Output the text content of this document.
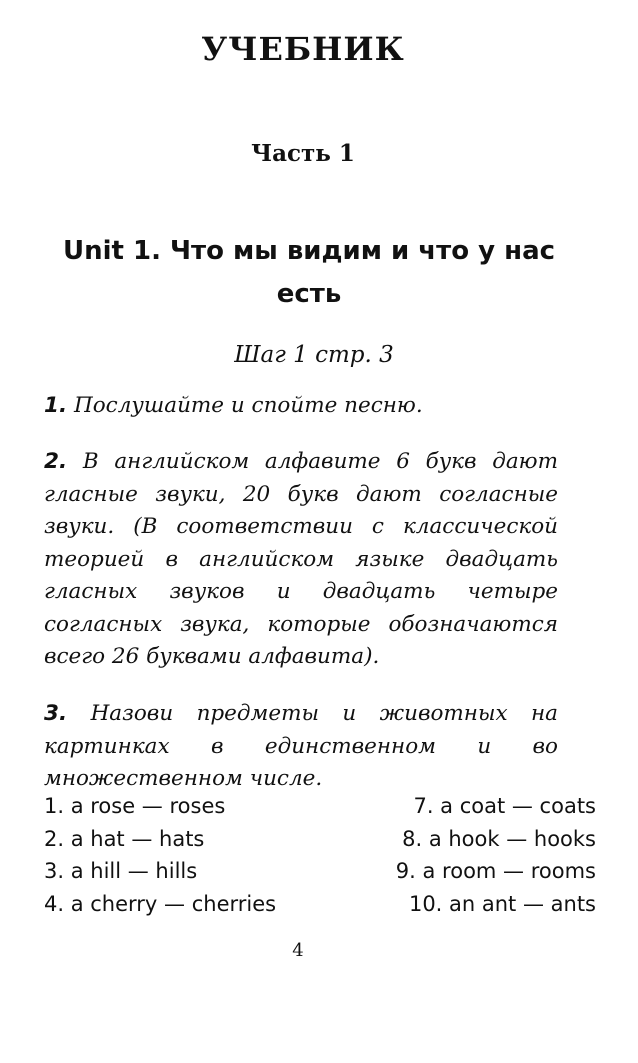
УЧЕБНИК
Часть 1
Unit 1. Что мы видим и что у нас есть

Шаг 1 стр. 3

1. Послушайте и спойте песню.

2. В английском алфавите 6 букв дают гласные звуки, 20 букв дают согласные звуки. (В соответствии с классической теорией в английском языке двадцать гласных звуков и двадцать четыре согласных звука, которые обозначаются всего 26 буквами алфавита).

3. Назови предметы и животных на картинках в единственном и во множественном числе.

1. a rose — roses	7. a coat — coats
2. a hat — hats	8. a hook — hooks
3. a hill — hills	9. a room — rooms
4. a cherry — cherries	10. an ant — ants

4
